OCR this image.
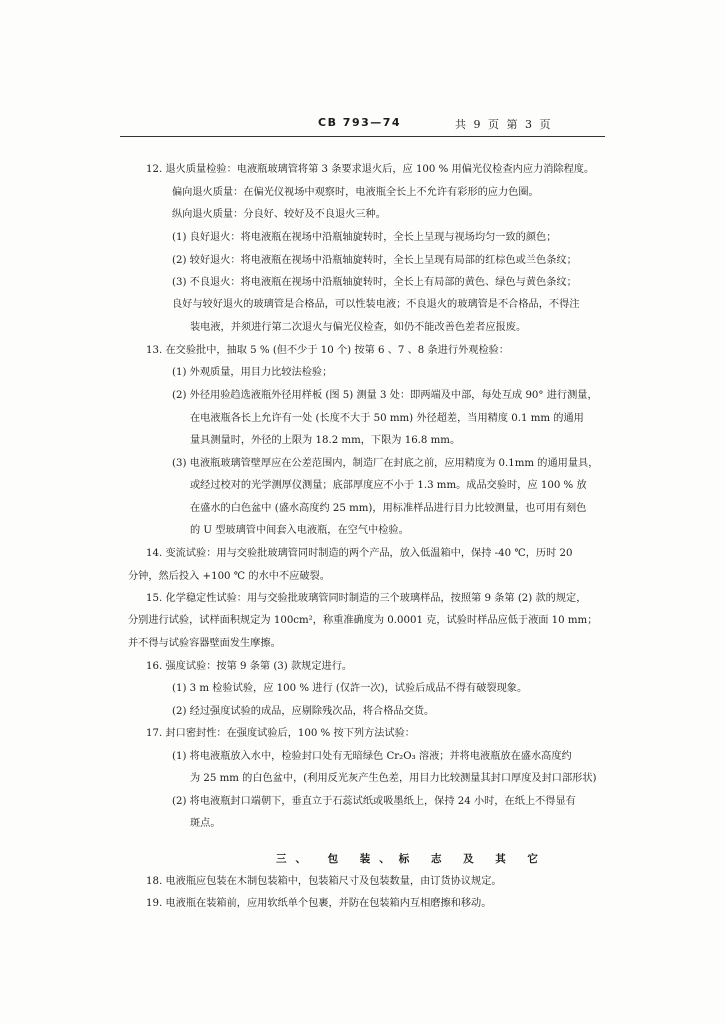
CB 793—74	共 9 页 第 3 页
12. 退火质量检验：电液瓶玻璃管将第 3 条要求退火后，应 100 % 用偏光仪检查内应力消除程度。
偏向退火质量：在偏光仪视场中观察时，电液瓶全长上不允许有彩形的应力色圈。
纵向退火质量：分良好、较好及不良退火三种。
(1) 良好退火：将电液瓶在视场中沿瓶轴旋转时，全长上呈现与视场均匀一致的颜色；
(2) 较好退火：将电液瓶在视场中沿瓶轴旋转时，全长上呈现有局部的红棕色或兰色条纹；
(3) 不良退火：将电液瓶在视场中沿瓶轴旋转时，全长上有局部的黄色、绿色与黄色条纹；
良好与较好退火的玻璃管是合格品，可以性装电液；不良退火的玻璃管是不合格品，不得注
装电液，并须进行第二次退火与偏光仪检查，如仍不能改善色差者应报废。
13. 在交验批中，抽取 5 % (但不少于 10 个) 按第 6 、7 、8 条进行外观检验：
(1) 外观质量，用目力比较法检验；
(2) 外径用验趋选液瓶外径用样板 (图 5) 测量 3 处：即两端及中部，每处互成 90° 进行测量，
在电液瓶各长上允许有一处 (长度不大于 50 mm) 外径超差，当用精度 0.1 mm 的通用
量具测量时，外径的上限为 18.2 mm，下限为 16.8 mm。
(3) 电液瓶玻璃管壁厚应在公差范围内，制造厂在封底之前，应用精度为 0.1mm 的通用量具，
或经过校对的光学测厚仪测量；底部厚度应不小于 1.3 mm。成品交验时，应 100 % 放
在盛水的白色盆中 (盛水高度约 25 mm)，用标准样品进行目力比较测量，也可用有刻色
的 U 型玻璃管中间套入电液瓶，在空气中检验。
14. 变流试验：用与交验批玻璃管同时制造的两个产品，放入低温箱中，保持 -40 ℃，历时 20
分钟，然后投入 +100 ℃ 的水中不应破裂。
15. 化学稳定性试验：用与交验批玻璃管同时制造的三个玻璃样品，按照第 9 条第 (2) 款的规定，
分别进行试验，试样面积规定为 100cm²，称重准确度为 0.0001 克，试验时样品应低于液面 10 mm；
并不得与试验容器壁面发生摩擦。
16. 强度试验：按第 9 条第 (3) 款规定进行。
(1) 3 m 检验试验，应 100 % 进行 (仅許一次)，试验后成品不得有破裂现象。
(2) 经过强度试验的成品，应剔除残次品，将合格品交货。
17. 封口密封性：在强度试验后，100 % 按下列方法试验：
(1) 将电液瓶放入水中，检验封口处有无暗绿色 Cr₂O₃ 溶液；并将电液瓶放在盛水高度约
为 25 mm 的白色盆中，(利用反光灰产生色差，用目力比较测量其封口厚度及封口部形状)
(2) 将电液瓶封口端朝下，垂直立于石蕊试纸或吸墨纸上，保持 24 小时，在纸上不得显有
斑点。
三、 包 装、标 志 及 其 它
18. 电液瓶应包装在木制包装箱中，包装箱尺寸及包装数量，由订货协议规定。
19. 电液瓶在装箱前，应用软纸单个包裹，并防在包装箱内互相磨擦和移动。
